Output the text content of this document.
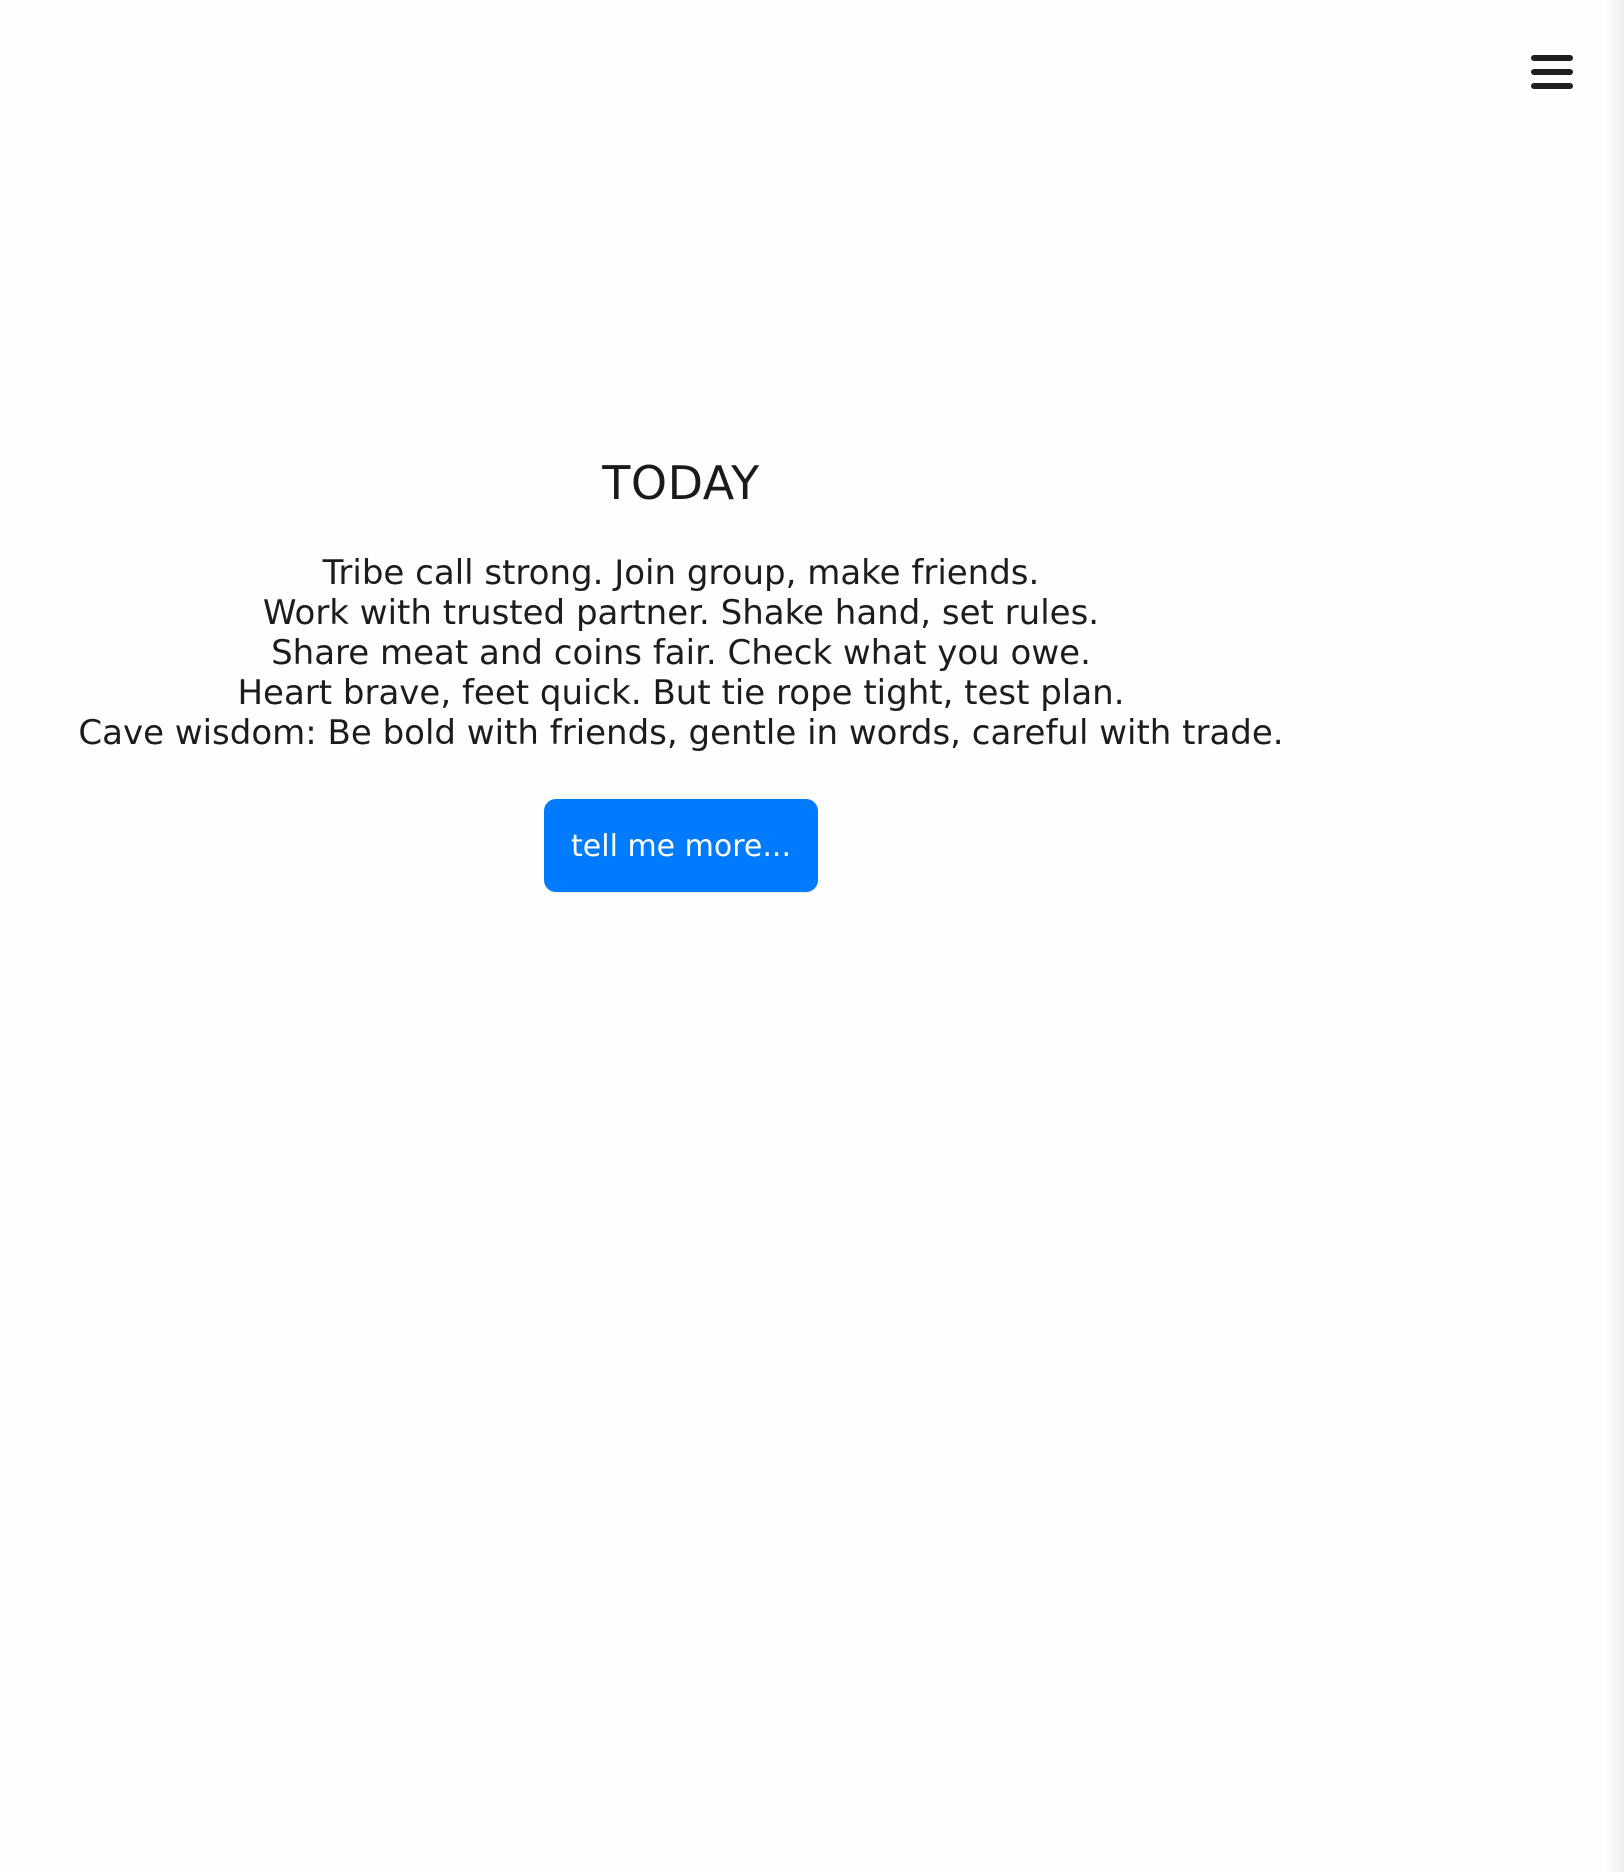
TODAY
Tribe call strong. Join group, make friends.
Work with trusted partner. Shake hand, set rules.
Share meat and coins fair. Check what you owe.
Heart brave, feet quick. But tie rope tight, test plan.
Cave wisdom: Be bold with friends, gentle in words, careful with trade.
tell me more...
